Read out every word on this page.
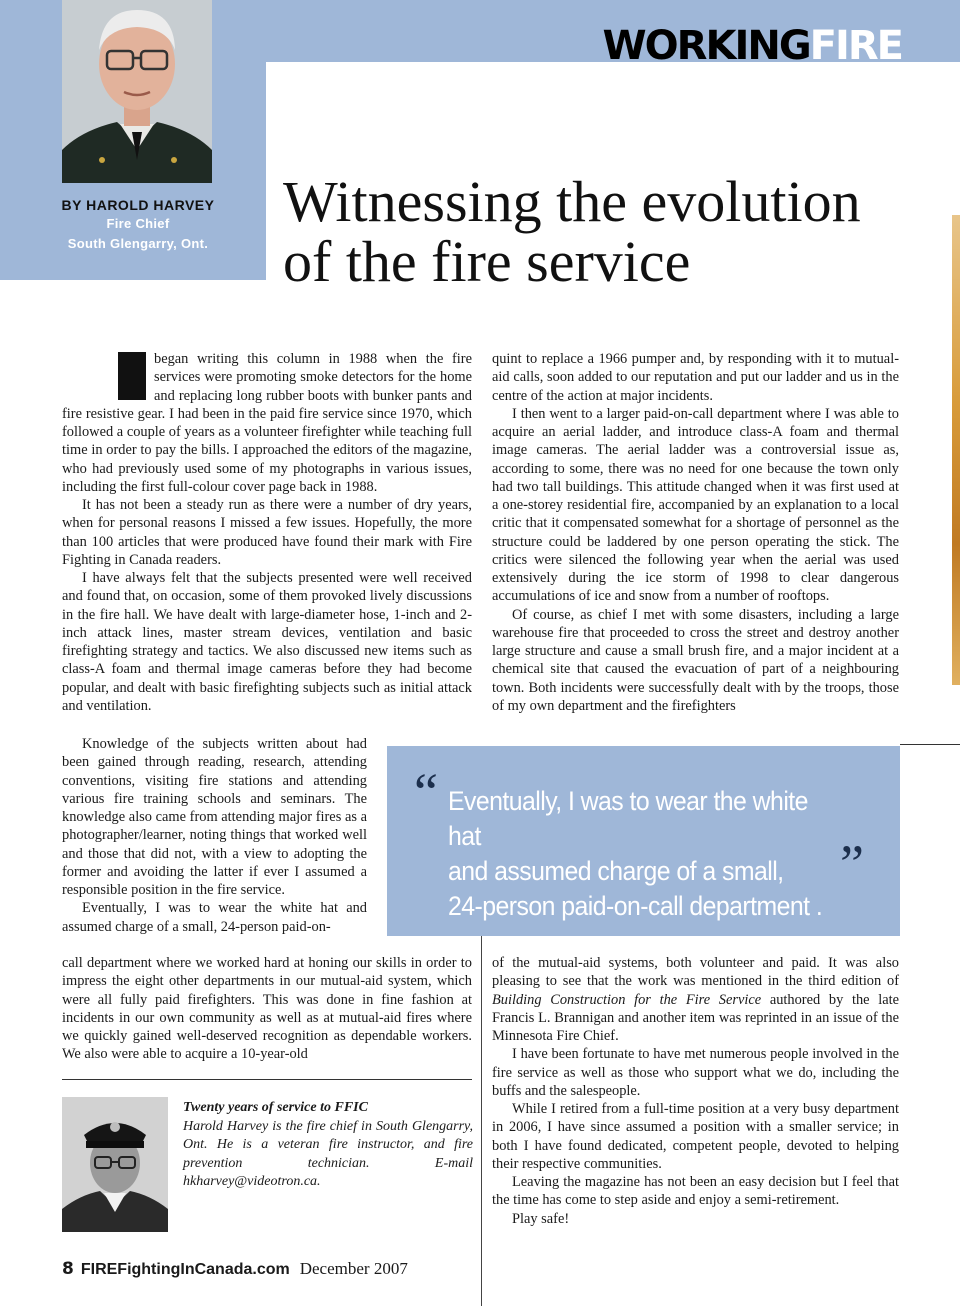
WORKINGFIRE
BY HAROLD HARVEY
Fire Chief
South Glengarry, Ont.
Witnessing the evolution
of the fire service

began writing this column in 1988 when the fire services were promoting smoke detectors for the home and replacing long rubber boots with bunker pants and fire resistive gear. I had been in the paid fire service since 1970, which followed a couple of years as a volunteer firefighter while teaching full time in order to pay the bills. I approached the editors of the magazine, who had previously used some of my photographs in various issues, including the first full-colour cover page back in 1988.

It has not been a steady run as there were a number of dry years, when for personal reasons I missed a few issues. Hopefully, the more than 100 articles that were produced have found their mark with Fire Fighting in Canada readers.

I have always felt that the subjects presented were well received and found that, on occasion, some of them provoked lively discussions in the fire hall. We have dealt with large-diameter hose, 1-inch and 2-inch attack lines, master stream devices, ventilation and basic firefighting strategy and tactics. We also discussed new items such as class-A foam and thermal image cameras before they had become popular, and dealt with basic firefighting subjects such as initial attack and ventilation.

Knowledge of the subjects written about had been gained through reading, research, attending conventions, visiting fire stations and attending various fire training schools and seminars. The knowledge also came from attending major fires as a photographer/learner, noting things that worked well and those that did not, with a view to adopting the former and avoiding the latter if ever I assumed a responsible position in the fire service.

Eventually, I was to wear the white hat and assumed charge of a small, 24-person paid-on-

call department where we worked hard at honing our skills in order to impress the eight other departments in our mutual-aid system, which were all fully paid firefighters. This was done in fine fashion at incidents in our own community as well as at mutual-aid fires where we quickly gained well-deserved recognition as dependable workers. We also were able to acquire a 10-year-old

quint to replace a 1966 pumper and, by responding with it to mutual-aid calls, soon added to our reputation and put our ladder and us in the centre of the action at major incidents.

I then went to a larger paid-on-call department where I was able to acquire an aerial ladder, and introduce class-A foam and thermal image cameras. The aerial ladder was a controversial issue as, according to some, there was no need for one because the town only had two tall buildings. This attitude changed when it was first used at a one-storey residential fire, accompanied by an explanation to a local critic that it compensated somewhat for a shortage of personnel as the structure could be laddered by one person operating the stick. The critics were silenced the following year when the aerial was used extensively during the ice storm of 1998 to clear dangerous accumulations of ice and snow from a number of rooftops.

Of course, as chief I met with some disasters, including a large warehouse fire that proceeded to cross the street and destroy another large structure and cause a small brush fire, and a major incident at a chemical site that caused the evacuation of part of a neighbouring town. Both incidents were successfully dealt with by the troops, those of my own department and the firefighters

“ Eventually, I was to wear the white hat
and assumed charge of a small,
24-person paid-on-call department . . .
”

of the mutual-aid systems, both volunteer and paid. It was also pleasing to see that the work was mentioned in the third edition of Building Construction for the Fire Service authored by the late Francis L. Brannigan and another item was reprinted in an issue of the Minnesota Fire Chief.

I have been fortunate to have met numerous people involved in the fire service as well as those who support what we do, including the buffs and the salespeople.

While I retired from a full-time position at a very busy department in 2006, I have since assumed a position with a smaller service; in both I have found dedicated, competent people, devoted to helping their respective communities.

Leaving the magazine has not been an easy decision but I feel that the time has come to step aside and enjoy a semi-retirement.

Play safe!

Twenty years of service to FFIC
Harold Harvey is the fire chief in South Glengarry, Ont. He is a veteran fire instructor, and fire prevention technician. E-mail hkharvey@videotron.ca.
8 FIREFightingInCanada.com December 2007
